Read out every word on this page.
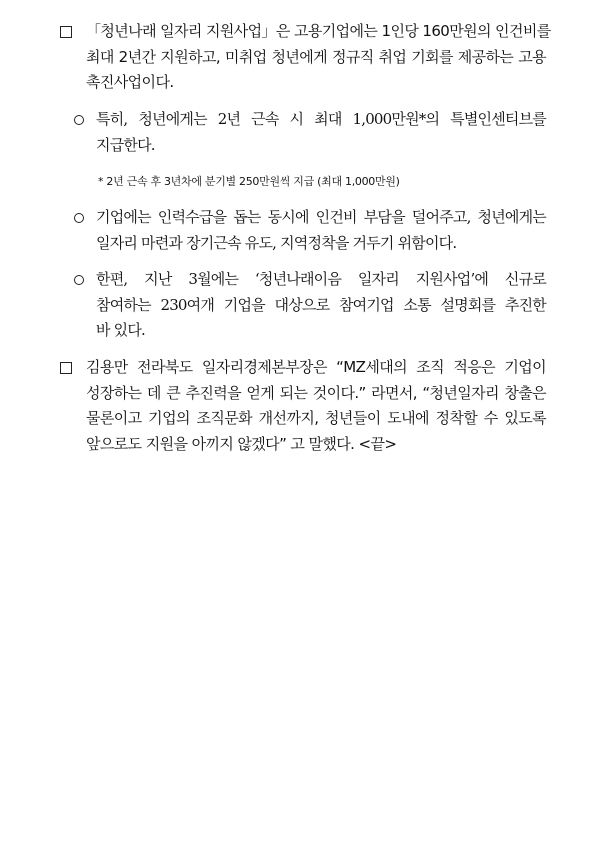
「청년나래 일자리 지원사업」은 고용기업에는 1인당 160만원의 인건비를
최대 2년간 지원하고, 미취업 청년에게 정규직 취업 기회를 제공하는 고용
촉진사업이다.
특히, 청년에게는 2년 근속 시 최대 1,000만원*의 특별인센티브를
지급한다.
* 2년 근속 후 3년차에 분기별 250만원씩 지급 (최대 1,000만원)
기업에는 인력수급을 돕는 동시에 인건비 부담을 덜어주고, 청년에게는
일자리 마련과 장기근속 유도, 지역정착을 거두기 위함이다.
한편, 지난 3월에는 ‘청년나래이음 일자리 지원사업’에 신규로
참여하는 230여개 기업을 대상으로 참여기업 소통 설명회를 추진한
바 있다.
김용만 전라북도 일자리경제본부장은 “MZ세대의 조직 적응은 기업이
성장하는 데 큰 추진력을 얻게 되는 것이다.” 라면서, “청년일자리 창출은
물론이고 기업의 조직문화 개선까지, 청년들이 도내에 정착할 수 있도록
앞으로도 지원을 아끼지 않겠다” 고 말했다. <끝>
